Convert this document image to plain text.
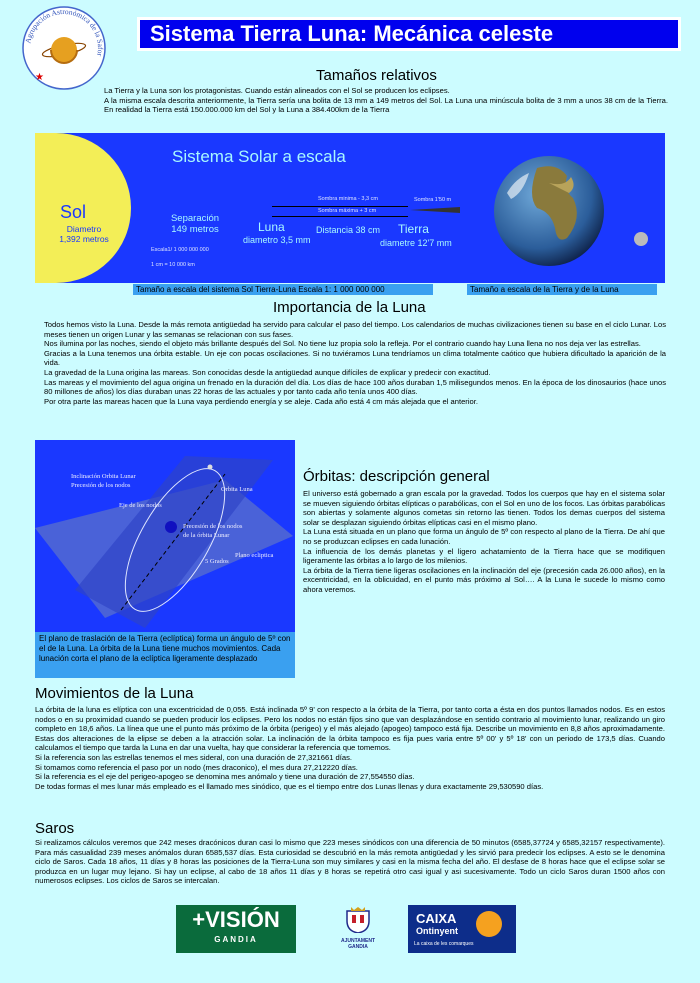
Agrupación Astronómica de la Safor
★
Sistema Tierra Luna: Mecánica celeste
Tamaños relativos
La Tierra y la Luna son los protagonistas. Cuando están alineados con el Sol se producen los eclipses.
A la misma escala descrita anteriormente, la Tierra sería una bolita de 13 mm a 149 metros del Sol. La Luna una minúscula bolita de 3 mm a unos 38 cm de la Tierra. En realidad la Tierra está 150.000.000 km del Sol y la Luna a 384.400km de la Tierra
Sol
Diametro
1,392 metros
Sistema Solar a escala
Separación
149 metros
Escala1/ 1 000 000 000
1 cm = 10 000 km
Sombra minima - 3,3 cm
Sombra máxima + 3 cm
Sombra 1'50 m
Luna
diametro 3,5 mm
Distancia 38 cm Tierra
diametre 12'7 mm
Tamaño a escala del sistema Sol Tierra-Luna Escala 1: 1 000 000 000	Tamaño a escala de la Tierra y de la Luna
Importancia de la Luna
Todos hemos visto la Luna. Desde la más remota antigüedad ha servido para calcular el paso del tiempo. Los calendarios de muchas civilizaciones tienen su base en el ciclo Lunar. Los meses tienen un origen Lunar y las semanas se relacionan con sus fases.
Nos ilumina por las noches, siendo el objeto más brillante después del Sol. No tiene luz propia solo la refleja. Por el contrario cuando hay Luna llena no nos deja ver las estrellas.
Gracias a la Luna tenemos una órbita estable. Un eje con pocas oscilaciones. Si no tuviéramos Luna tendríamos un clima totalmente caótico que hubiera dificultado la aparición de la vida.
La gravedad de la Luna origina las mareas. Son conocidas desde la antigüedad aunque difíciles de explicar y predecir con exactitud.
Las mareas y el movimiento del agua origina un frenado en la duración del día. Los días de hace 100 años duraban 1,5 milisegundos menos. En la época de los dinosaurios (hace unos 80 millones de años) los días duraban unas 22 horas de las actuales y por tanto cada año tenía unos 400 días.
Por otra parte las mareas hacen que la Luna vaya perdiendo energía y se aleje. Cada año está 4 cm más alejada que el anterior.
Inclinación Orbita Lunar
Precesión de los nodos
Orbita Luna
Eje de los nodos
Precesión de los nodos
de la órbita Lunar
5 Grados
Plano ecliptica
El plano de traslación de la Tierra (eclíptica) forma un ángulo de 5º con el de la Luna. La órbita de la Luna tiene muchos movimientos. Cada lunación corta el plano de la eclíptica ligeramente desplazado
Órbitas: descripción general
El universo está gobernado a gran escala por la gravedad. Todos los cuerpos que hay en el sistema solar se mueven siguiendo órbitas elípticas o parabólicas, con el Sol en uno de los focos. Las órbitas parabólicas son abiertas y solamente algunos cometas sin retorno las tienen. Todos los demas cuerpos del sistema solar se desplazan siguiendo órbitas elípticas casi en el mismo plano.
La Luna está situada en un plano que forma un ángulo de 5º con respecto al plano de la Tierra. De ahí que no se produzcan eclipses en cada lunación.
La influencia de los demás planetas y el ligero achatamiento de la Tierra hace que se modifiquen ligeramente las órbitas a lo largo de los milenios.
La órbita de la Tierra tiene ligeras oscilaciones en la inclinación del eje (precesión cada 26.000 años), en la excentricidad, en la oblicuidad, en el punto más próximo al Sol…. A la Luna le sucede lo mismo como ahora veremos.
Movimientos de la Luna
La órbita de la luna es elíptica con una excentricidad de 0,055. Está inclinada 5º 9' con respecto a la órbita de la Tierra, por tanto corta a ésta en dos puntos llamados nodos. Es en estos nodos o en su proximidad cuando se pueden producir los eclipses. Pero los nodos no están fijos sino que van desplazándose en sentido contrario al movimiento lunar, realizando un giro completo en 18,6 años. La línea que une el punto más próximo de la órbita (perigeo) y el más alejado (apogeo) tampoco está fija. Describe un movimiento en 8,8 años aproximadamente. Estas dos alteraciones de la elipse se deben a la atracción solar. La inclinación de la órbita tampoco es fija pues varia entre 5º 00' y 5º 18' con un periodo de 173,5 días. Cuando calculamos el tiempo que tarda la Luna en dar una vuelta, hay que considerar la referencia que tomemos.
Si la referencia son las estrellas tenemos el mes sideral, con una duración de 27,321661 días.
Si tomamos como referencia el paso por un nodo (mes draconico), el mes dura 27,212220 días.
Si la referencia es el eje del perigeo-apogeo se denomina mes anómalo y tiene una duración de 27,554550 días.
De todas formas el mes lunar más empleado es el llamado mes sinódico, que es el tiempo entre dos Lunas llenas y dura exactamente 29,530590 días.
Saros
Si realizamos cálculos veremos que 242 meses dracónicos duran casi lo mismo que 223 meses sinódicos con una diferencia de 50 minutos (6585,37724 y 6585,32157 respectivamente). Para más casualidad 239 meses anómalos duran 6585,537 días. Esta curiosidad se descubrió en la más remota antigüedad y les sirvió para predecir los eclipses. A esto se le denomina ciclo de Saros. Cada 18 años, 11 días y 8 horas las posiciones de la Tierra-Luna son muy similares y casi en la misma fecha del año. El desfase de 8 horas hace que el eclipse solar se produzca en un lugar muy lejano. Si hay un eclipse, al cabo de 18 años 11 días y 8 horas se repetirá otro casi igual y asi sucesivamente. Todo un ciclo Saros duran 1500 años con numerosos eclipses. Los ciclos de Saros se intercalan.
+VISIÓN
GANDIA	AJUNTAMENT
GANDIA
CAIXA
Ontinyent
La caixa de les comarques
